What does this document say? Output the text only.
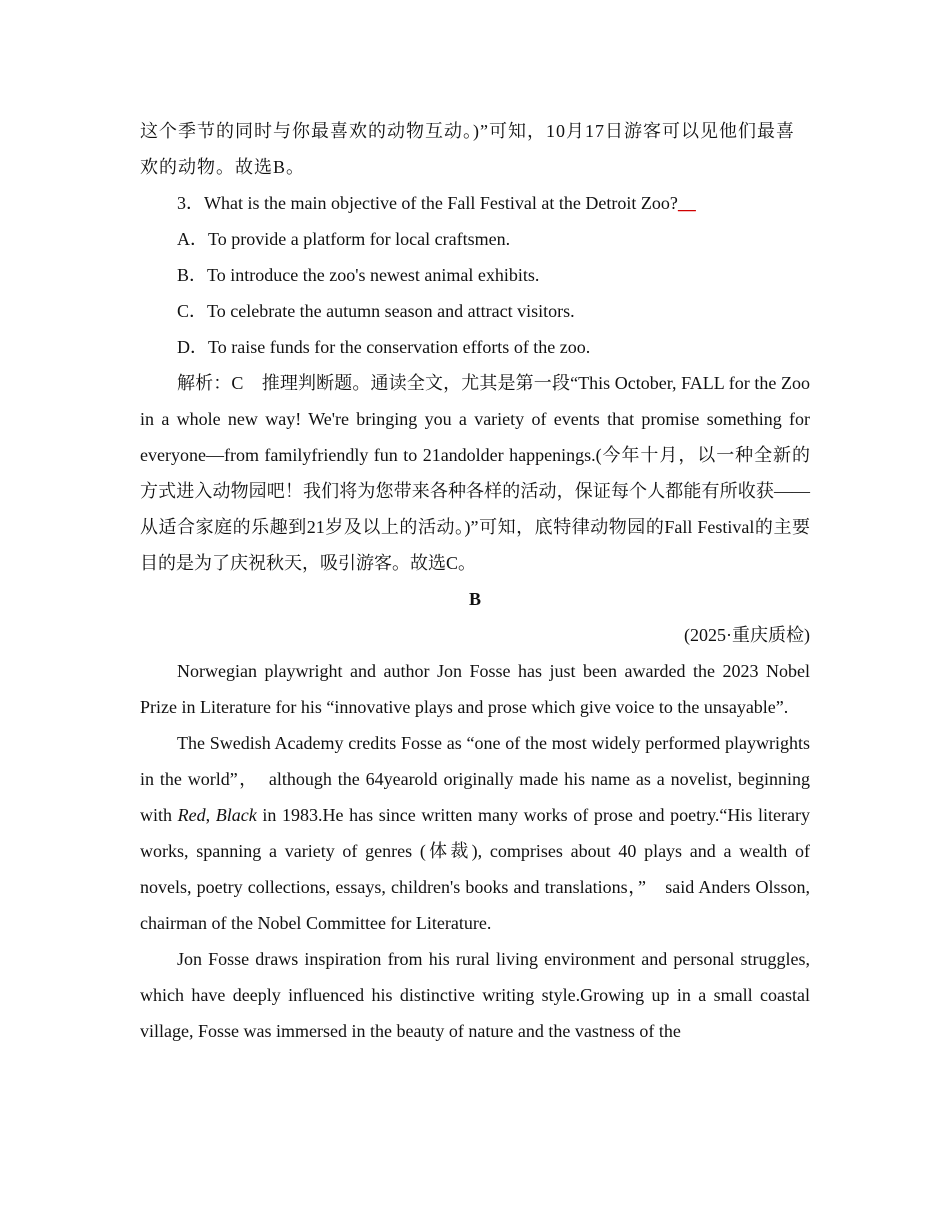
这个季节的同时与你最喜欢的动物互动。)”可知，10月17日游客可以见他们最喜
欢的动物。故选B。

3．What is the main objective of the Fall Festival at the Detroit Zoo?＿

A．To provide a platform for local craftsmen.

B．To introduce the zoo's newest animal exhibits.

C．To celebrate the autumn season and attract visitors.

D．To raise funds for the conservation efforts of the zoo.

解析：C　推理判断题。通读全文，尤其是第一段“This October, FALL for the Zoo in a whole new way! We're bringing you a variety of events that promise something for everyone—from familyfriendly fun to 21andolder happenings.(今年十月，以一种全新的方式进入动物园吧！我们将为您带来各种各样的活动，保证每个人都能有所收获——从适合家庭的乐趣到21岁及以上的活动。)”可知，底特律动物园的Fall Festival的主要目的是为了庆祝秋天，吸引游客。故选C。

B

(2025·重庆质检)

Norwegian playwright and author Jon Fosse has just been awarded the 2023 Nobel Prize in Literature for his “innovative plays and prose which give voice to the unsayable”.

The Swedish Academy credits Fosse as “one of the most widely performed playwrights in the world”，　although the 64yearold originally made his name as a novelist, beginning with Red, Black in 1983.He has since written many works of prose and poetry.“His literary works, spanning a variety of genres (体裁), comprises about 40 plays and a wealth of novels, poetry collections, essays, children's books and translations，”　said Anders Olsson, chairman of the Nobel Committee for Literature.

Jon Fosse draws inspiration from his rural living environment and personal struggles, which have deeply influenced his distinctive writing style.Growing up in a small coastal village, Fosse was immersed in the beauty of nature and the vastness of the
